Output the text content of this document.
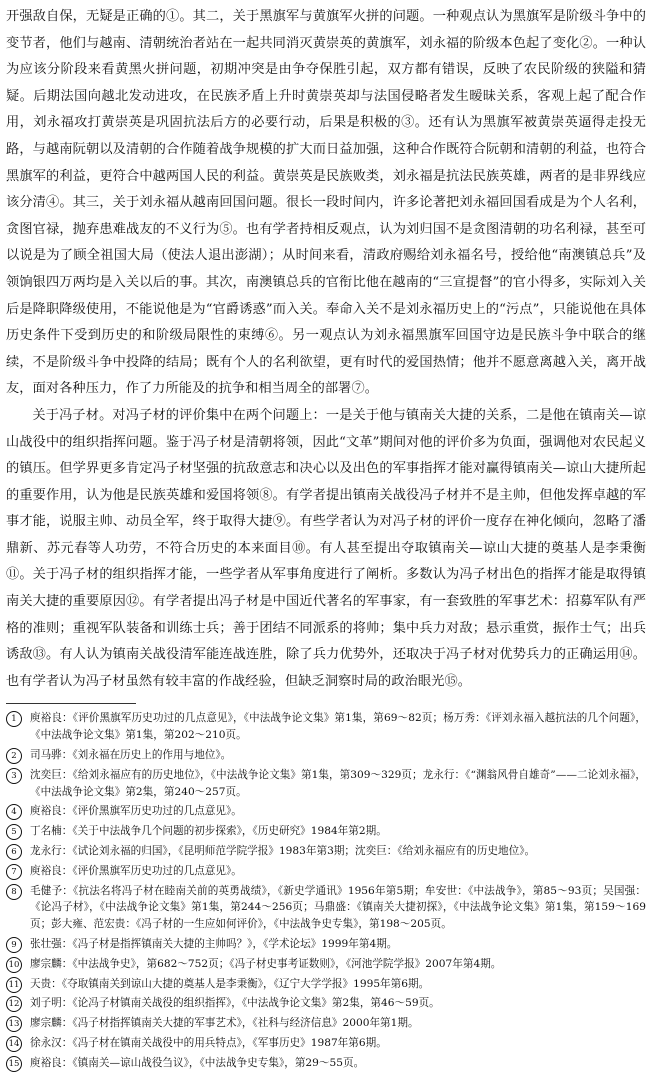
开强敌自保，无疑是正确的①。其二，关于黑旗军与黄旗军火拼的问题。一种观点认为黑旗军是阶级斗争中的变节者，他们与越南、清朝统治者站在一起共同消灭黄崇英的黄旗军，刘永福的阶级本色起了变化②。一种认为应该分阶段来看黄黑火拼问题，初期冲突是由争夺保胜引起，双方都有错误，反映了农民阶级的狭隘和猜疑。后期法国向越北发动进攻，在民族矛盾上升时黄崇英却与法国侵略者发生暧昧关系，客观上起了配合作用，刘永福攻打黄崇英是巩固抗法后方的必要行动，后果是积极的③。还有认为黑旗军被黄崇英逼得走投无路，与越南阮朝以及清朝的合作随着战争规模的扩大而日益加强，这种合作既符合阮朝和清朝的利益，也符合黑旗军的利益，更符合中越两国人民的利益。黄崇英是民族败类，刘永福是抗法民族英雄，两者的是非界线应该分清④。其三，关于刘永福从越南回国问题。很长一段时间内，许多论著把刘永福回国看成是为个人名利，贪图官禄，抛弃患难战友的不义行为⑤。也有学者持相反观点，认为刘归国不是贪图清朝的功名利禄，甚至可以说是为了顾全祖国大局（使法人退出澎湖）；从时间来看，清政府赐给刘永福名号，授给他“南澳镇总兵”及领饷银四万两均是入关以后的事。其次，南澳镇总兵的官衔比他在越南的“三宣提督”的官小得多，实际刘入关后是降职降级使用，不能说他是为“官爵诱惑”而入关。奉命入关不是刘永福历史上的“污点”，只能说他在具体历史条件下受到历史的和阶级局限性的束缚⑥。另一观点认为刘永福黑旗军回国守边是民族斗争中联合的继续，不是阶级斗争中投降的结局；既有个人的名利欲望，更有时代的爱国热情；他并不愿意离越入关，离开战友，面对各种压力，作了力所能及的抗争和相当周全的部署⑦。

关于冯子材。对冯子材的评价集中在两个问题上：一是关于他与镇南关大捷的关系，二是他在镇南关—谅山战役中的组织指挥问题。鉴于冯子材是清朝将领，因此“文革”期间对他的评价多为负面，强调他对农民起义的镇压。但学界更多肯定冯子材坚强的抗敌意志和决心以及出色的军事指挥才能对赢得镇南关—谅山大捷所起的重要作用，认为他是民族英雄和爱国将领⑧。有学者提出镇南关战役冯子材并不是主帅，但他发挥卓越的军事才能，说服主帅、动员全军，终于取得大捷⑨。有些学者认为对冯子材的评价一度存在神化倾向，忽略了潘鼎新、苏元春等人功劳，不符合历史的本来面目⑩。有人甚至提出夺取镇南关—谅山大捷的奠基人是李秉衡⑪。关于冯子材的组织指挥才能，一些学者从军事角度进行了阐析。多数认为冯子材出色的指挥才能是取得镇南关大捷的重要原因⑫。有学者提出冯子材是中国近代著名的军事家，有一套致胜的军事艺术：招募军队有严格的准则；重视军队装备和训练士兵；善于团结不同派系的将帅；集中兵力对敌；悬示重赏，振作士气；出兵诱敌⑬。有人认为镇南关战役清军能连战连胜，除了兵力优势外，还取决于冯子材对优势兵力的正确运用⑭。也有学者认为冯子材虽然有较丰富的作战经验，但缺乏洞察时局的政治眼光⑮。

1	庾裕良：《评价黑旗军历史功过的几点意见》，《中法战争论文集》第1集，第69～82页；杨万秀：《评刘永福入越抗法的几个问题》，《中法战争论文集》第1集，第202～210页。
2	司马骅：《刘永福在历史上的作用与地位》。
3	沈奕巨：《给刘永福应有的历史地位》，《中法战争论文集》第1集，第309～329页；龙永行：《“渊翁风骨自雄奇”——二论刘永福》，《中法战争论文集》第2集，第240～257页。
4	庾裕良：《评价黑旗军历史功过的几点意见》。
5	丁名楠：《关于中法战争几个问题的初步探索》，《历史研究》1984年第2期。
6	龙永行：《试论刘永福的归国》，《昆明师范学院学报》1983年第3期；沈奕巨：《给刘永福应有的历史地位》。
7	庾裕良：《评价黑旗军历史功过的几点意见》。
8	毛健予：《抗法名将冯子材在睦南关前的英勇战绩》，《新史学通讯》1956年第5期；牟安世：《中法战争》，第85～93页；吴国强：《论冯子材》，《中法战争论文集》第1集，第244～256页；马鼎盛：《镇南关大捷初探》，《中法战争论文集》第1集，第159～169页；彭大雍、范宏贵：《冯子材的一生应如何评价》，《中法战争史专集》，第198～205页。
9	张壮强：《冯子材是指挥镇南关大捷的主帅吗？》，《学术论坛》1999年第4期。
10 廖宗麟：《中法战争史》，第682～752页；《冯子材史事考证数则》，《河池学院学报》2007年第4期。
11 天贵：《夺取镇南关到谅山大捷的奠基人是李秉衡》，《辽宁大学学报》1995年第6期。
12 刘子明：《论冯子材镇南关战役的组织指挥》，《中法战争论文集》第2集，第46～59页。
13 廖宗麟：《冯子材指挥镇南关大捷的军事艺术》，《社科与经济信息》2000年第1期。
14 徐永汉：《冯子材在镇南关战役中的用兵特点》，《军事历史》1987年第6期。
15 庾裕良：《镇南关—谅山战役刍议》，《中法战争史专集》，第29～55页。
